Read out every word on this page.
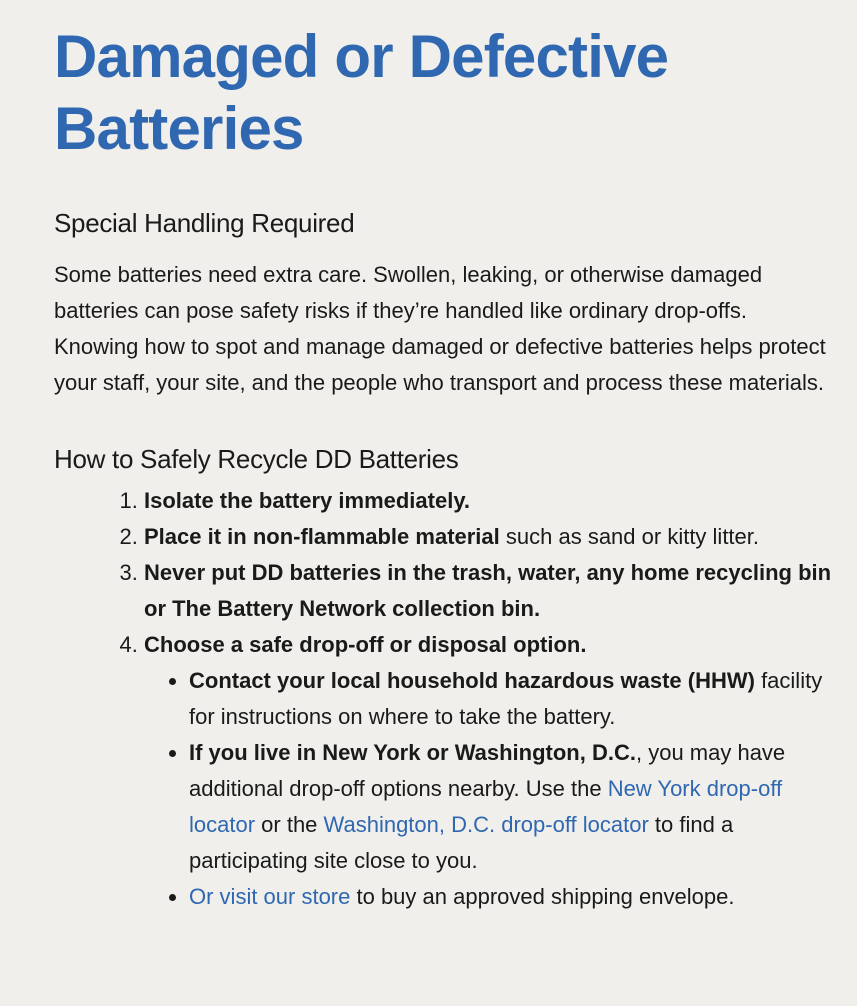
Damaged or Defective Batteries
Special Handling Required

Some batteries need extra care. Swollen, leaking, or otherwise damaged batteries can pose safety risks if they’re handled like ordinary drop-offs. Knowing how to spot and manage damaged or defective batteries helps protect your staff, your site, and the people who transport and process these materials.

How to Safely Recycle DD Batteries
1. Isolate the battery immediately.
2. Place it in non-flammable material such as sand or kitty litter.
3. Never put DD batteries in the trash, water, any home recycling bin or The Battery Network collection bin.
4. Choose a safe drop-off or disposal option.
• Contact your local household hazardous waste (HHW) facility for instructions on where to take the battery.
• If you live in New York or Washington, D.C., you may have additional drop-off options nearby. Use the New York drop-off locator or the Washington, D.C. drop-off locator to find a participating site close to you.
• Or visit our store to buy an approved shipping envelope.
